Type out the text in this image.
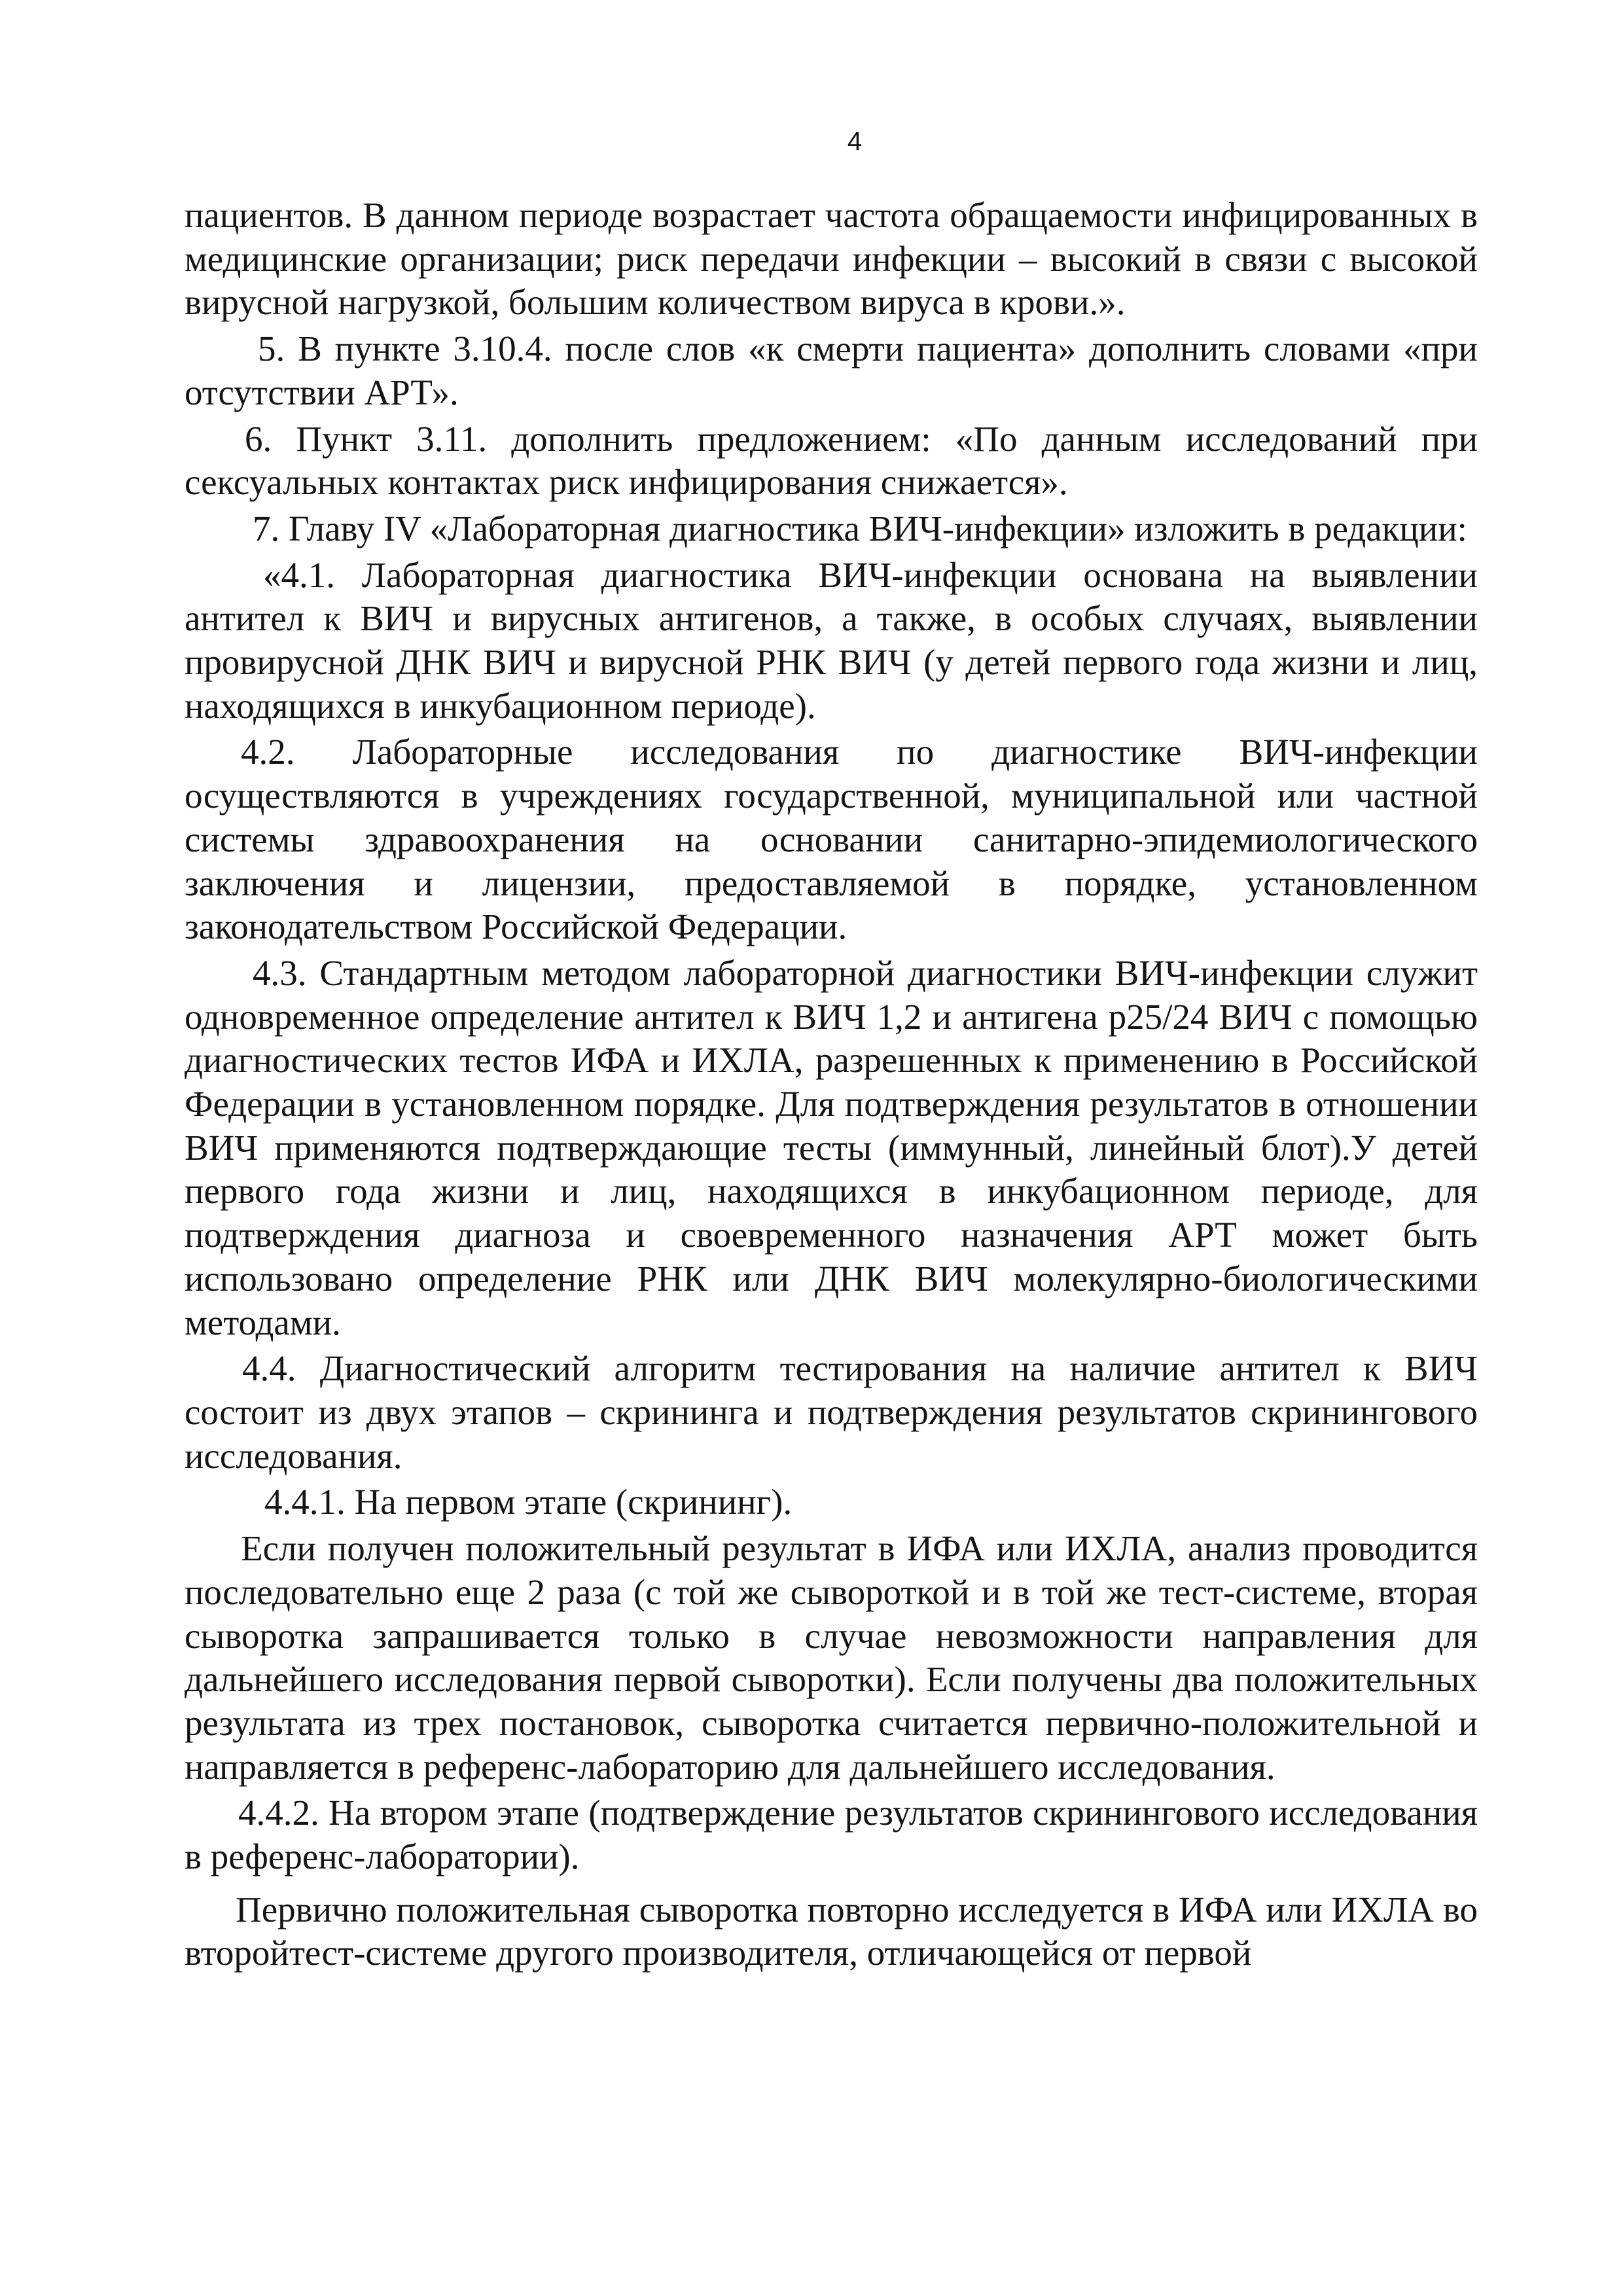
4

пациентов. В данном периоде возрастает частота обращаемости инфицированных в медицинские организации; риск передачи инфекции – высокий в связи с высокой вирусной нагрузкой, большим количеством вируса в крови.».

5. В пункте 3.10.4. после слов «к смерти пациента» дополнить словами «при отсутствии АРТ».

6. Пункт 3.11. дополнить предложением: «По данным исследований при сексуальных контактах риск инфицирования снижается».

7. Главу IV «Лабораторная диагностика ВИЧ-инфекции» изложить в редакции:

«4.1. Лабораторная диагностика ВИЧ-инфекции основана на выявлении антител к ВИЧ и вирусных антигенов, а также, в особых случаях, выявлении провирусной ДНК ВИЧ и вирусной РНК ВИЧ (у детей первого года жизни и лиц, находящихся в инкубационном периоде).

4.2. Лабораторные исследования по диагностике ВИЧ-инфекции осуществляются в учреждениях государственной, муниципальной или частной системы здравоохранения на основании санитарно-эпидемиологического заключения и лицензии, предоставляемой в порядке, установленном законодательством Российской Федерации.

4.3. Стандартным методом лабораторной диагностики ВИЧ-инфекции служит одновременное определение антител к ВИЧ 1,2 и антигена р25/24 ВИЧ с помощью диагностических тестов ИФА и ИХЛА, разрешенных к применению в Российской Федерации в установленном порядке. Для подтверждения результатов в отношении ВИЧ применяются подтверждающие тесты (иммунный, линейный блот).У детей первого года жизни и лиц, находящихся в инкубационном периоде, для подтверждения диагноза и своевременного назначения АРТ может быть использовано определение РНК или ДНК ВИЧ молекулярно-биологическими методами.

4.4. Диагностический алгоритм тестирования на наличие антител к ВИЧ состоит из двух этапов – скрининга и подтверждения результатов скринингового исследования.

4.4.1. На первом этапе (скрининг).

Если получен положительный результат в ИФА или ИХЛА, анализ проводится последовательно еще 2 раза (с той же сывороткой и в той же тест-системе, вторая сыворотка запрашивается только в случае невозможности направления для дальнейшего исследования первой сыворотки). Если получены два положительных результата из трех постановок, сыворотка считается первично-положительной и направляется в референс-лабораторию для дальнейшего исследования.

4.4.2. На втором этапе (подтверждение результатов скринингового исследования в референс-лаборатории).

Первично положительная сыворотка повторно исследуется в ИФА или ИХЛА во второйтест-системе другого производителя, отличающейся от первой
